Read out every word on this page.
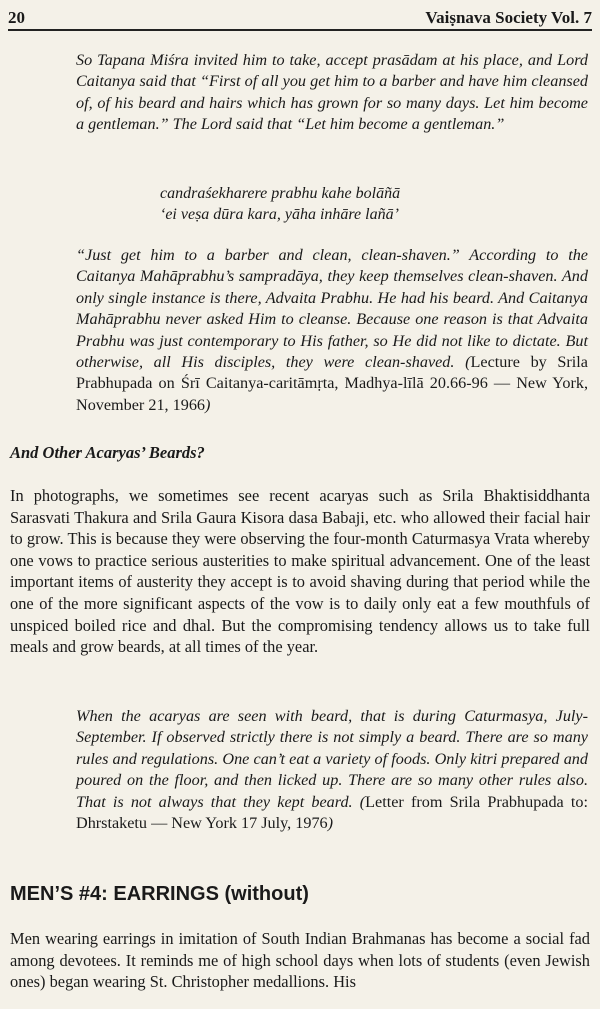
20	Vaiṣnava Society Vol. 7
So Tapana Miśra invited him to take, accept prasādam at his place, and Lord Caitanya said that “First of all you get him to a barber and have him cleansed of, of his beard and hairs which has grown for so many days. Let him become a gentleman.” The Lord said that “Let him become a gentleman.”
candraśekharere prabhu kahe bolāñā
‘ei veṣa dūra kara, yāha inhāre lañā’
“Just get him to a barber and clean, clean-shaven.” According to the Caitanya Mahāprabhu’s sampradāya, they keep themselves clean-shaven. And only single instance is there, Advaita Prabhu. He had his beard. And Caitanya Mahāprabhu never asked Him to cleanse. Because one reason is that Advaita Prabhu was just contemporary to His father, so He did not like to dictate. But otherwise, all His disciples, they were clean-shaved. (Lecture by Srila Prabhupada on Śrī Caitanya-caritāmṛta, Madhya-līlā 20.66-96 — New York, November 21, 1966)
And Other Acaryas’ Beards?
In photographs, we sometimes see recent acaryas such as Srila Bhaktisiddhanta Sarasvati Thakura and Srila Gaura Kisora dasa Babaji, etc. who allowed their facial hair to grow. This is because they were observing the four-month Caturmasya Vrata whereby one vows to practice serious austerities to make spiritual advancement. One of the least important items of austerity they accept is to avoid shaving during that period while the one of the more significant aspects of the vow is to daily only eat a few mouthfuls of unspiced boiled rice and dhal. But the compromising tendency allows us to take full meals and grow beards, at all times of the year.
When the acaryas are seen with beard, that is during Caturmasya, July-September. If observed strictly there is not simply a beard. There are so many rules and regulations. One can’t eat a variety of foods. Only kitri prepared and poured on the floor, and then licked up. There are so many other rules also. That is not always that they kept beard. (Letter from Srila Prabhupada to: Dhrstaketu — New York 17 July, 1976)
MEN’S #4: EARRINGS (without)
Men wearing earrings in imitation of South Indian Brahmanas has become a social fad among devotees. It reminds me of high school days when lots of students (even Jewish ones) began wearing St. Christopher medallions. His
